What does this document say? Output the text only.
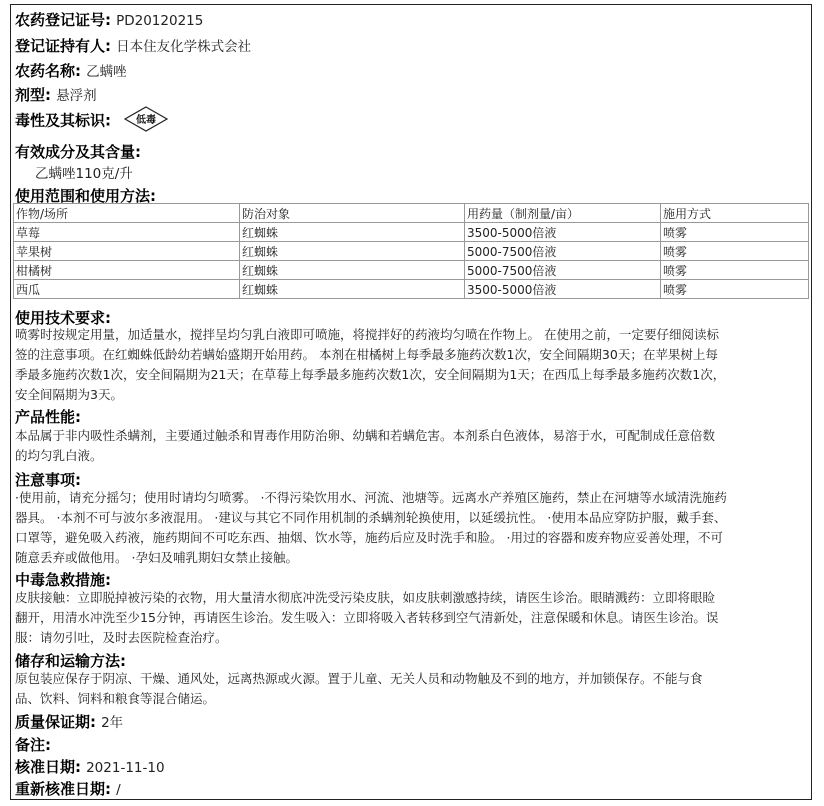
农药登记证号: PD20120215
登记证持有人: 日本住友化学株式会社
农药名称: 乙螨唑
剂型: 悬浮剂
毒性及其标识:	低毒
有效成分及其含量:
乙螨唑110克/升
使用范围和使用方法:
作物/场所	防治对象	用药量（制剂量/亩）	施用方式
草莓	红蜘蛛	3500-5000倍液	喷雾
苹果树	红蜘蛛	5000-7500倍液	喷雾
柑橘树	红蜘蛛	5000-7500倍液	喷雾
西瓜	红蜘蛛	3500-5000倍液	喷雾
使用技术要求:
喷雾时按规定用量，加适量水，搅拌呈均匀乳白液即可喷施，将搅拌好的药液均匀喷在作物上。 在使用之前，一定要仔细阅读标
签的注意事项。在红蜘蛛低龄幼若螨始盛期开始用药。 本剂在柑橘树上每季最多施药次数1次，安全间隔期30天；在苹果树上每
季最多施药次数1次，安全间隔期为21天；在草莓上每季最多施药次数1次，安全间隔期为1天；在西瓜上每季最多施药次数1次，
安全间隔期为3天。
产品性能:
本品属于非内吸性杀螨剂，主要通过触杀和胃毒作用防治卵、幼螨和若螨危害。本剂系白色液体，易溶于水，可配制成任意倍数
的均匀乳白液。
注意事项:
·使用前，请充分摇匀；使用时请均匀喷雾。 ·不得污染饮用水、河流、池塘等。远离水产养殖区施药，禁止在河塘等水域清洗施药
器具。 ·本剂不可与波尔多液混用。 ·建议与其它不同作用机制的杀螨剂轮换使用，以延缓抗性。 ·使用本品应穿防护服，戴手套、
口罩等，避免吸入药液，施药期间不可吃东西、抽烟、饮水等，施药后应及时洗手和脸。 ·用过的容器和废弃物应妥善处理，不可
随意丢弃或做他用。 ·孕妇及哺乳期妇女禁止接触。
中毒急救措施:
皮肤接触：立即脱掉被污染的衣物，用大量清水彻底冲洗受污染皮肤，如皮肤刺激感持续，请医生诊治。眼睛溅药：立即将眼睑
翻开，用清水冲洗至少15分钟，再请医生诊治。发生吸入：立即将吸入者转移到空气清新处，注意保暖和休息。请医生诊治。误
服：请勿引吐，及时去医院检查治疗。
储存和运输方法:
原包装应保存于阴凉、干燥、通风处，远离热源或火源。置于儿童、无关人员和动物触及不到的地方，并加锁保存。不能与食
品、饮料、饲料和粮食等混合储运。
质量保证期: 2年
备注:
核准日期: 2021-11-10
重新核准日期: /
